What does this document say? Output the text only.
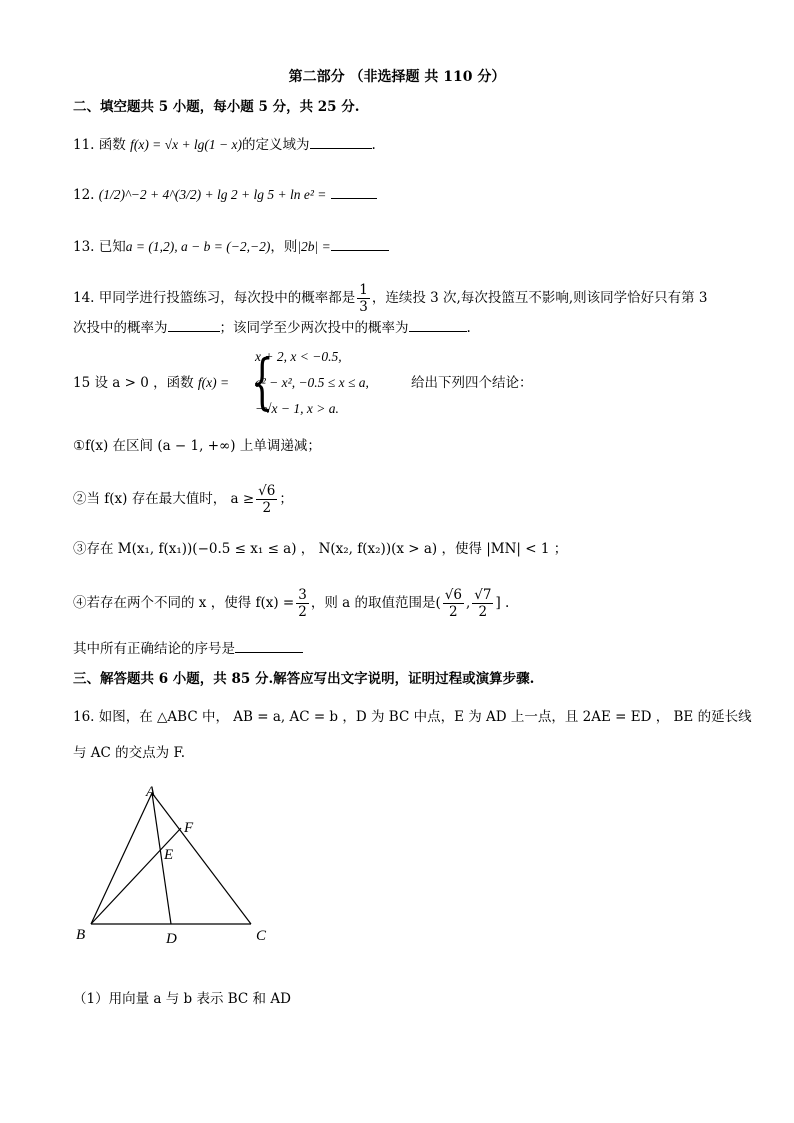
第二部分 （非选择题 共 110 分）
二、填空题共 5 小题，每小题 5 分，共 25 分.
11. 函数 f(x) = √x + lg(1 − x)的定义域为	.
12. (1/2)^−2 + 4^(3/2) + lg 2 + lg 5 + ln e² =
13. 已知a = (1,2), a − b = (−2,−2)，则|2b| =
14. 甲同学进行投篮练习，每次投中的概率都是 $\frac{1}{3}$ ，连续投 3 次,每次投篮互不影响,则该同学恰好只有第 3
次投中的概率为	；该同学至少两次投中的概率为	.
15 设 a > 0 ，函数 f(x) = {
x + 2, x < −0.5,
a² − x², −0.5 ≤ x ≤ a,
−√x − 1, x > a.
给出下列四个结论：
①f(x) 在区间 (a − 1, +∞) 上单调递减；
②当 f(x) 存在最大值时， $a \ge \frac{√6}{2}$ ；
③存在 M(x₁, f(x₁))(−0.5 ≤ x₁ ≤ a) ， N(x₂, f(x₂))(x > a) ，使得 |MN| < 1 ；
④若存在两个不同的 x ，使得 $f(x) = \frac{3}{2}$ ，则 a 的取值范围是( $\frac{√6}{2}$ , $\frac{√7}{2}$ ] .
其中所有正确结论的序号是
三、解答题共 6 小题，共 85 分.解答应写出文字说明，证明过程或演算步骤.
16. 如图，在 △ABC 中， AB = a, AC = b ，D 为 BC 中点，E 为 AD 上一点，且 2AE = ED ， BE 的延长线
与 AC 的交点为 F.
A
F
E
B	D	C
（1）用向量 a 与 b 表示 BC 和 AD
